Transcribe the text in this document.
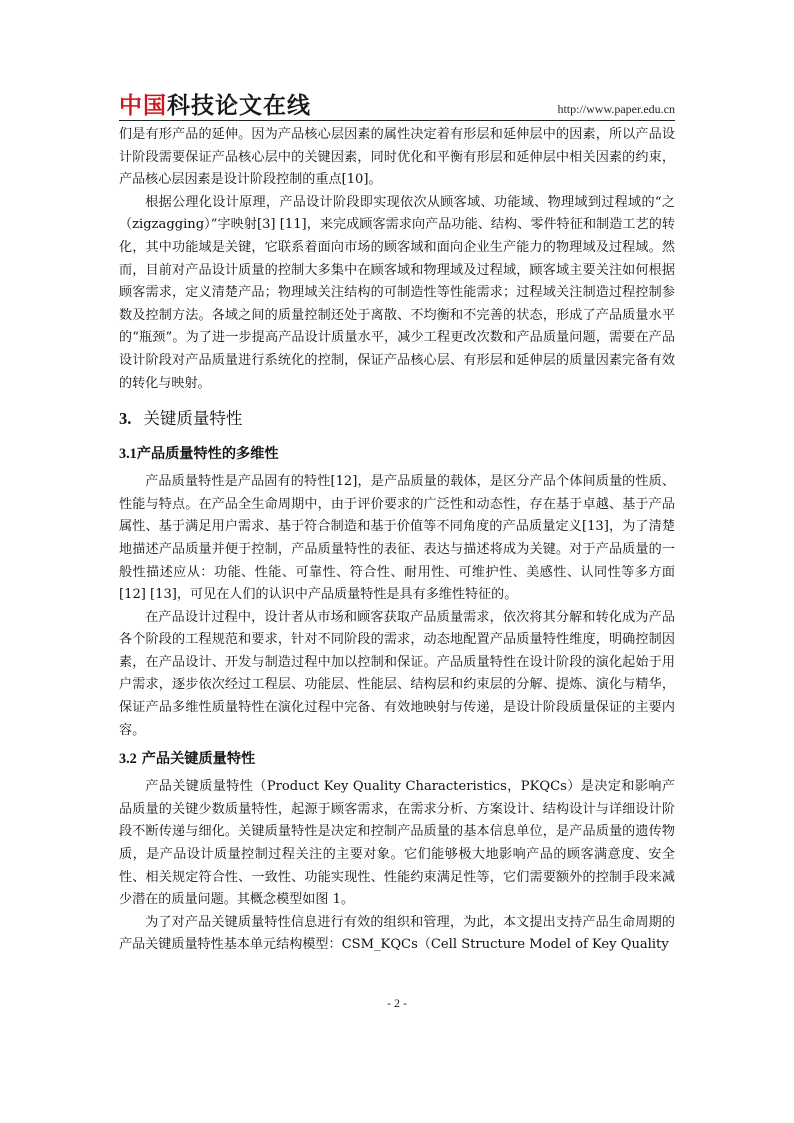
中国科技论文在线	http://www.paper.edu.cn

们是有形产品的延伸。因为产品核心层因素的属性决定着有形层和延伸层中的因素，所以产品设计阶段需要保证产品核心层中的关键因素，同时优化和平衡有形层和延伸层中相关因素的约束，产品核心层因素是设计阶段控制的重点[10]。

根据公理化设计原理，产品设计阶段即实现依次从顾客域、功能域、物理域到过程域的“之（zigzagging）”字映射[3] [11]，来完成顾客需求向产品功能、结构、零件特征和制造工艺的转化，其中功能域是关键，它联系着面向市场的顾客域和面向企业生产能力的物理域及过程域。然而，目前对产品设计质量的控制大多集中在顾客域和物理域及过程域，顾客域主要关注如何根据顾客需求，定义清楚产品；物理域关注结构的可制造性等性能需求；过程域关注制造过程控制参数及控制方法。各域之间的质量控制还处于离散、不均衡和不完善的状态，形成了产品质量水平的“瓶颈”。为了进一步提高产品设计质量水平，减少工程更改次数和产品质量问题，需要在产品设计阶段对产品质量进行系统化的控制，保证产品核心层、有形层和延伸层的质量因素完备有效的转化与映射。

3. 关键质量特性
3.1产品质量特性的多维性

产品质量特性是产品固有的特性[12]，是产品质量的载体，是区分产品个体间质量的性质、性能与特点。在产品全生命周期中，由于评价要求的广泛性和动态性，存在基于卓越、基于产品属性、基于满足用户需求、基于符合制造和基于价值等不同角度的产品质量定义[13]，为了清楚地描述产品质量并便于控制，产品质量特性的表征、表达与描述将成为关键。对于产品质量的一般性描述应从：功能、性能、可靠性、符合性、耐用性、可维护性、美感性、认同性等多方面[12] [13]，可见在人们的认识中产品质量特性是具有多维性特征的。

在产品设计过程中，设计者从市场和顾客获取产品质量需求，依次将其分解和转化成为产品各个阶段的工程规范和要求，针对不同阶段的需求，动态地配置产品质量特性维度，明确控制因素，在产品设计、开发与制造过程中加以控制和保证。产品质量特性在设计阶段的演化起始于用户需求，逐步依次经过工程层、功能层、性能层、结构层和约束层的分解、提炼、演化与精华，保证产品多维性质量特性在演化过程中完备、有效地映射与传递，是设计阶段质量保证的主要内容。

3.2 产品关键质量特性

产品关键质量特性（Product Key Quality Characteristics，PKQCs）是决定和影响产品质量的关键少数质量特性，起源于顾客需求，在需求分析、方案设计、结构设计与详细设计阶段不断传递与细化。关键质量特性是决定和控制产品质量的基本信息单位，是产品质量的遗传物质，是产品设计质量控制过程关注的主要对象。它们能够极大地影响产品的顾客满意度、安全性、相关规定符合性、一致性、功能实现性、性能约束满足性等，它们需要额外的控制手段来减少潜在的质量问题。其概念模型如图 1。

为了对产品关键质量特性信息进行有效的组织和管理，为此，本文提出支持产品生命周期的产品关键质量特性基本单元结构模型：CSM_KQCs（Cell Structure Model of Key Quality

- 2 -
